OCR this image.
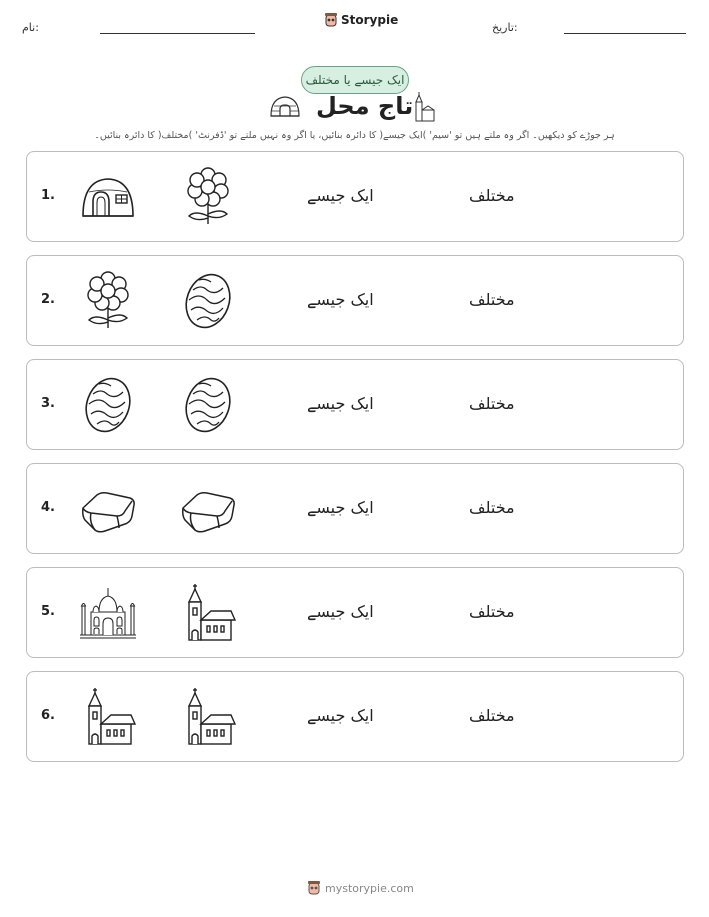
نام:
Storypie
تاریخ:
ایک جیسے یا مختلف
تاج محل
ہر جوڑے کو دیکھیں۔ اگر وہ ملتے ہیں تو 'سیم' )ایک جیسے( کا دائرہ بنائیں، یا اگر وہ نہیں ملتے تو 'ڈفرنٹ' )مختلف( کا دائرہ بنائیں۔
1.	ایک جیسے	مختلف
2.	ایک جیسے	مختلف
3.	ایک جیسے	مختلف
4.	ایک جیسے	مختلف
5.	ایک جیسے	مختلف
6.	ایک جیسے	مختلف
mystorypie.com
